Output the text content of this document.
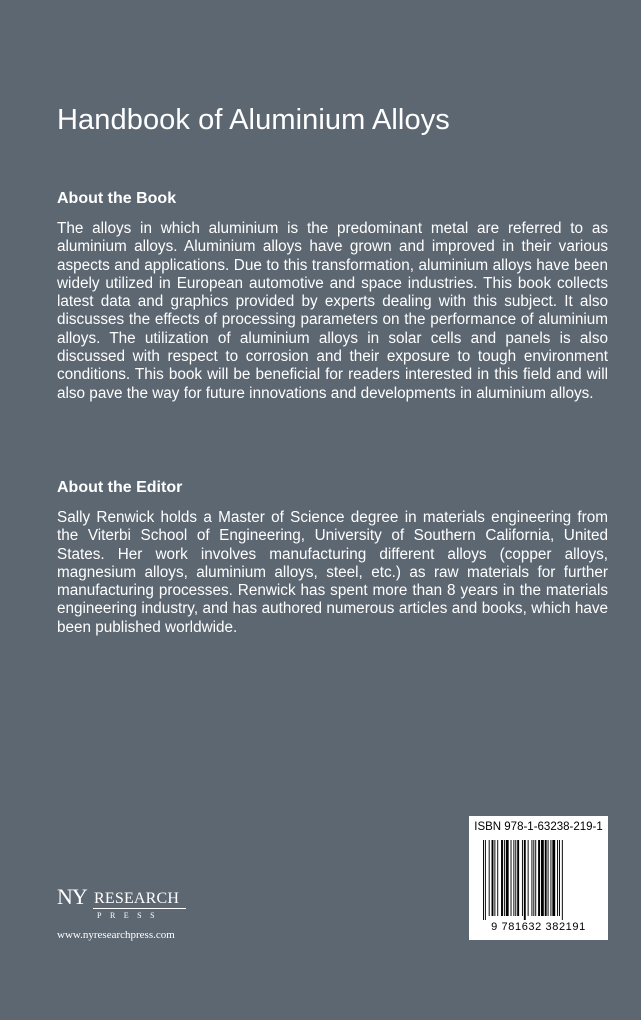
Handbook of Aluminium Alloys
About the Book

The alloys in which aluminium is the predominant metal are referred to as aluminium alloys. Aluminium alloys have grown and improved in their various aspects and applications. Due to this transformation, aluminium alloys have been widely utilized in European automotive and space industries. This book collects latest data and graphics provided by experts dealing with this subject. It also discusses the effects of processing parameters on the performance of aluminium alloys. The utilization of aluminium alloys in solar cells and panels is also discussed with respect to corrosion and their exposure to tough environment conditions. This book will be beneficial for readers interested in this field and will also pave the way for future innovations and developments in aluminium alloys.

About the Editor

Sally Renwick holds a Master of Science degree in materials engineering from the Viterbi School of Engineering, University of Southern California, United States. Her work involves manufacturing different alloys (copper alloys, magnesium alloys, aluminium alloys, steel, etc.) as raw materials for further manufacturing processes. Renwick has spent more than 8 years in the materials engineering industry, and has authored numerous articles and books, which have been published worldwide.

ISBN 978-1-63238-219-1
9 781632 382191
NY RESEARCH
PRESS
www.nyresearchpress.com
